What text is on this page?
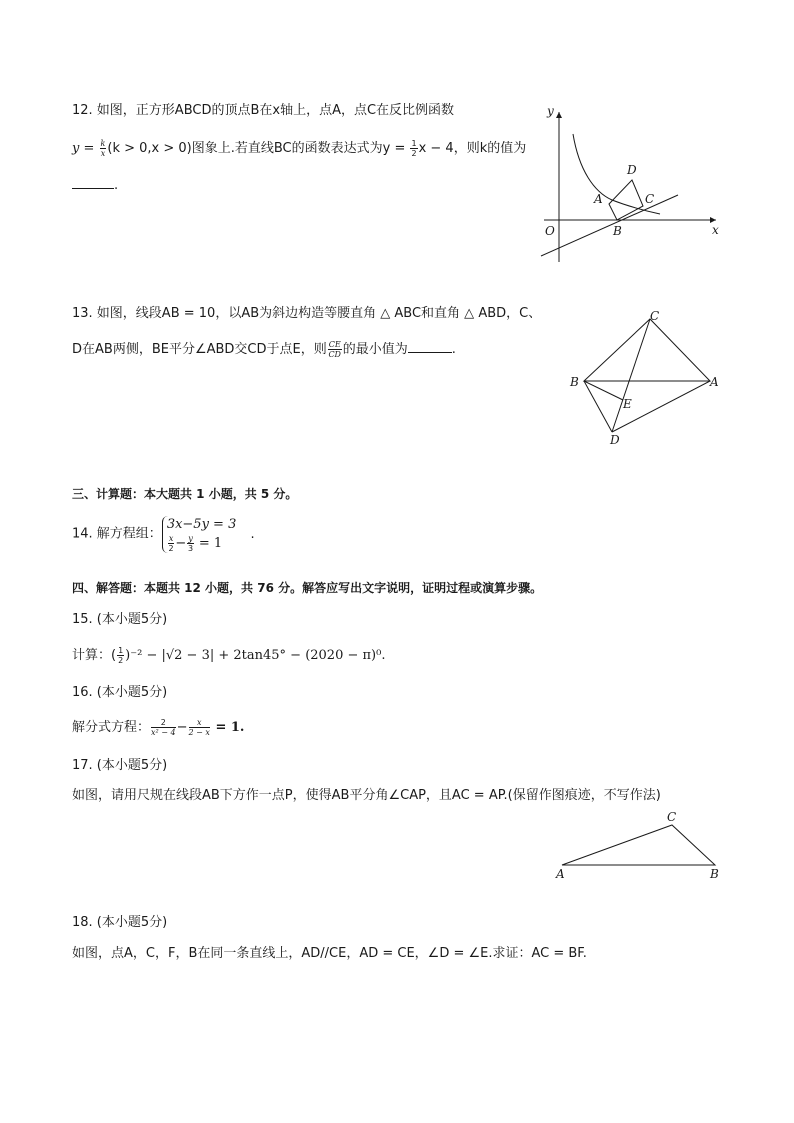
12. 如图，正方形ABCD的顶点B在x轴上，点A，点C在反比例函数
$y = \frac{k}{x} (k > 0,x > 0)$图象上.若直线BC的函数表达式为$y = \frac{1}{2}$ x − 4，则k的值为
.
y
x
O
A
B
C
D
13. 如图，线段AB = 10，以AB为斜边构造等腰直角 △ ABC和直角 △ ABD，C、
D在AB两侧，BE平分∠ABD交CD于点E，则 $\frac{CE}{CD}$ 的最小值为	.
C
B	A
E
D
三、计算题：本大题共 1 小题，共 5 分。
14. 解方程组：
3x−5y = 3
$\frac{x}{2} - \frac{y}{3} = 1$
.
四、解答题：本题共 12 小题，共 76 分。解答应写出文字说明，证明过程或演算步骤。
15. (本小题5分)
计算：( $\frac{1}{2} )^{-2} - |√2 - 3| + 2\tan 45^\circ - (2020 - \pi)^0$.
16. (本小题5分)
解分式方程： $\frac{2}{\text{x² − 4}} - \frac{x}{2 - x} = 1$.
17. (本小题5分)
如图，请用尺规在线段AB下方作一点P，使得AB平分角∠CAP，且AC = AP.(保留作图痕迹，不写作法)
C
A	B
18. (本小题5分)
如图，点A，C，F，B在同一条直线上，AD//CE，AD = CE，∠D = ∠E.求证：AC = BF.
